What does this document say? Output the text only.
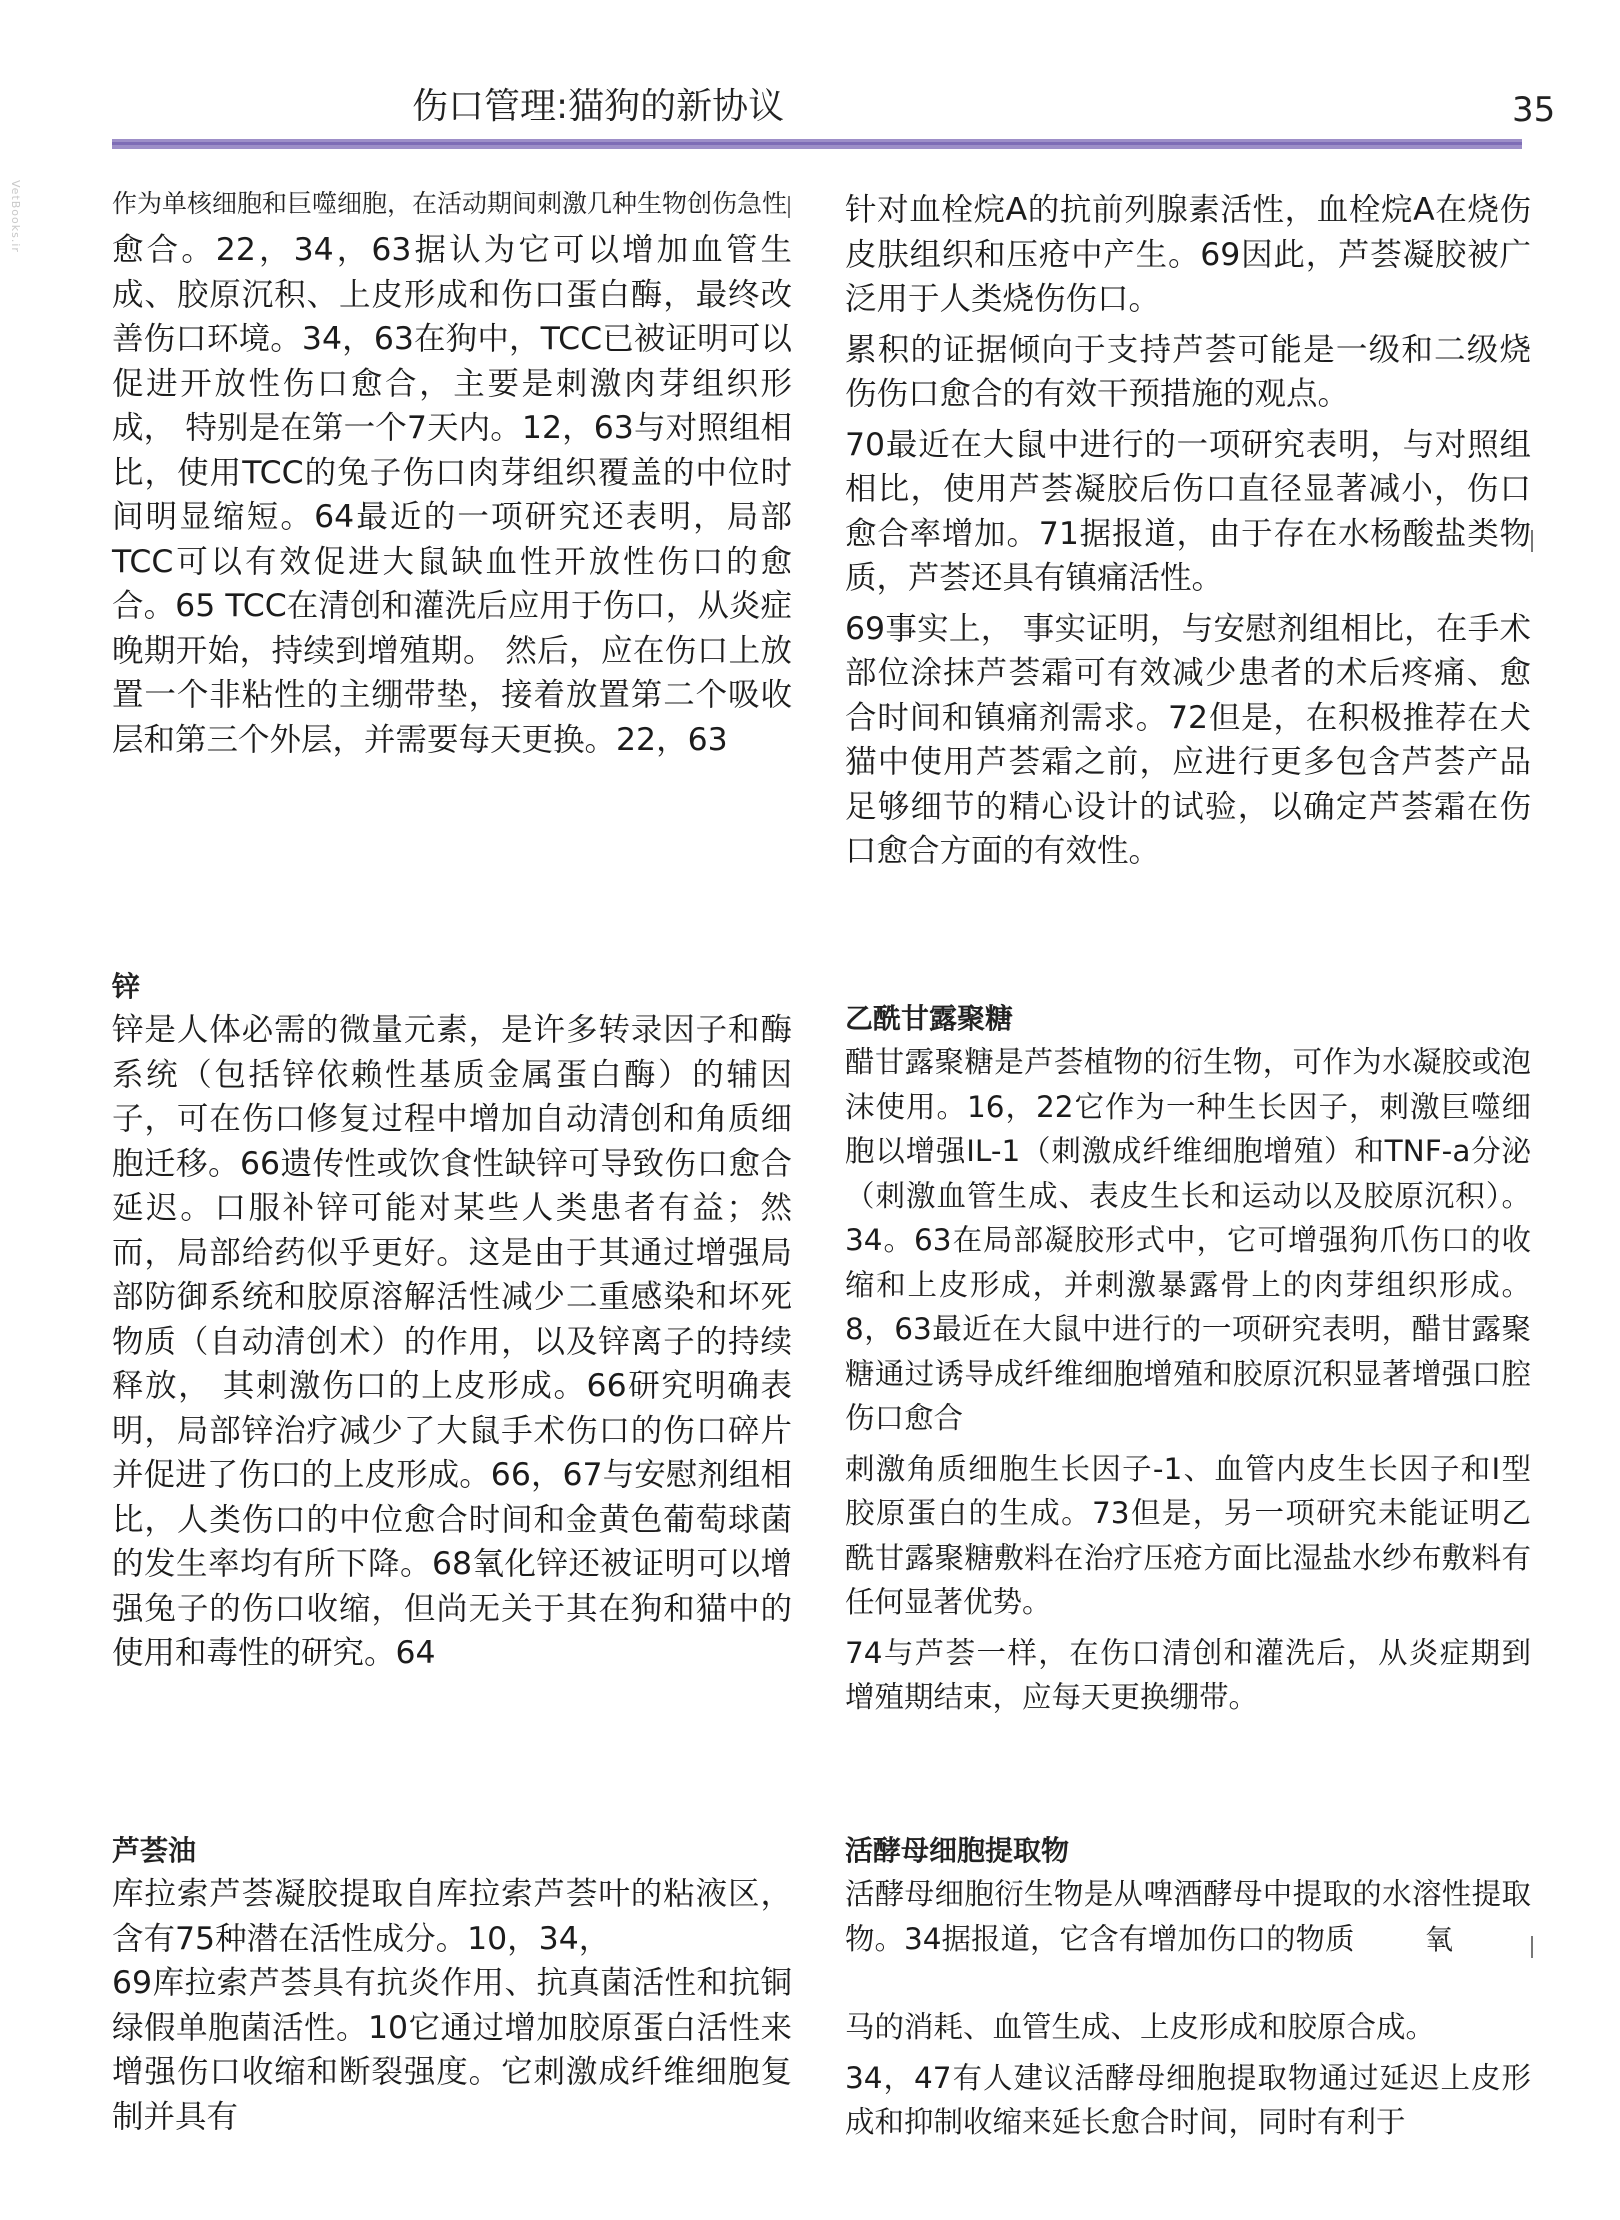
伤口管理:猫狗的新协议	35
VetBooks.ir	作为单核细胞和巨噬细胞，在活动期间刺激几种生物创伤急性

愈合。22，34，63据认为它可以增加血管生成、胶原沉积、上皮形成和伤口蛋白酶，最终改善伤口环境。34，63在狗中，TCC已被证明可以促进开放性伤口愈合，主要是刺激肉芽组织形成， 特别是在第一个7天内。12，63与对照组相比，使用TCC的兔子伤口肉芽组织覆盖的中位时间明显缩短。64最近的一项研究还表明，局部TCC可以有效促进大鼠缺血性开放性伤口的愈合。65 TCC在清创和灌洗后应用于伤口，从炎症晚期开始，持续到增殖期。 然后，应在伤口上放置一个非粘性的主绷带垫，接着放置第二个吸收层和第三个外层，并需要每天更换。22，63

针对血栓烷A的抗前列腺素活性，血栓烷A在烧伤皮肤组织和压疮中产生。69因此，芦荟凝胶被广泛用于人类烧伤伤口。

累积的证据倾向于支持芦荟可能是一级和二级烧伤伤口愈合的有效干预措施的观点。

70最近在大鼠中进行的一项研究表明，与对照组相比，使用芦荟凝胶后伤口直径显著减小，伤口愈合率增加。71据报道，由于存在水杨酸盐类物质，芦荟还具有镇痛活性。

69事实上， 事实证明，与安慰剂组相比，在手术部位涂抹芦荟霜可有效减少患者的术后疼痛、愈合时间和镇痛剂需求。72但是，在积极推荐在犬猫中使用芦荟霜之前，应进行更多包含芦荟产品足够细节的精心设计的试验，以确定芦荟霜在伤口愈合方面的有效性。

锌

锌是人体必需的微量元素，是许多转录因子和酶系统（包括锌依赖性基质金属蛋白酶）的辅因子，可在伤口修复过程中增加自动清创和角质细胞迁移。66遗传性或饮食性缺锌可导致伤口愈合延迟。口服补锌可能对某些人类患者有益；然而，局部给药似乎更好。这是由于其通过增强局部防御系统和胶原溶解活性减少二重感染和坏死物质（自动清创术）的作用，以及锌离子的持续释放， 其刺激伤口的上皮形成。66研究明确表明，局部锌治疗减少了大鼠手术伤口的伤口碎片并促进了伤口的上皮形成。66，67与安慰剂组相比，人类伤口的中位愈合时间和金黄色葡萄球菌的发生率均有所下降。68氧化锌还被证明可以增强兔子的伤口收缩，但尚无关于其在狗和猫中的使用和毒性的研究。64

乙酰甘露聚糖

醋甘露聚糖是芦荟植物的衍生物，可作为水凝胶或泡沫使用。16，22它作为一种生长因子，刺激巨噬细胞以增强IL-1（刺激成纤维细胞增殖）和TNF-a分泌（刺激血管生成、表皮生长和运动以及胶原沉积）。34。63在局部凝胶形式中，它可增强狗爪伤口的收缩和上皮形成，并刺激暴露骨上的肉芽组织形成。8，63最近在大鼠中进行的一项研究表明，醋甘露聚糖通过诱导成纤维细胞增殖和胶原沉积显著增强口腔伤口愈合

刺激角质细胞生长因子-1、血管内皮生长因子和I型胶原蛋白的生成。73但是，另一项研究未能证明乙酰甘露聚糖敷料在治疗压疮方面比湿盐水纱布敷料有任何显著优势。

74与芦荟一样，在伤口清创和灌洗后，从炎症期到增殖期结束，应每天更换绷带。

芦荟油

库拉索芦荟凝胶提取自库拉索芦荟叶的粘液区，含有75种潜在活性成分。10，34，

69库拉索芦荟具有抗炎作用、抗真菌活性和抗铜绿假单胞菌活性。10它通过增加胶原蛋白活性来增强伤口收缩和断裂强度。它刺激成纤维细胞复制并具有

活酵母细胞提取物

活酵母细胞衍生物是从啤酒酵母中提取的水溶性提取物。34据报道，它含有增加伤口的物质

马的消耗、血管生成、上皮形成和胶原合成。

34，47有人建议活酵母细胞提取物通过延迟上皮形成和抑制收缩来延长愈合时间，同时有利于

氧
